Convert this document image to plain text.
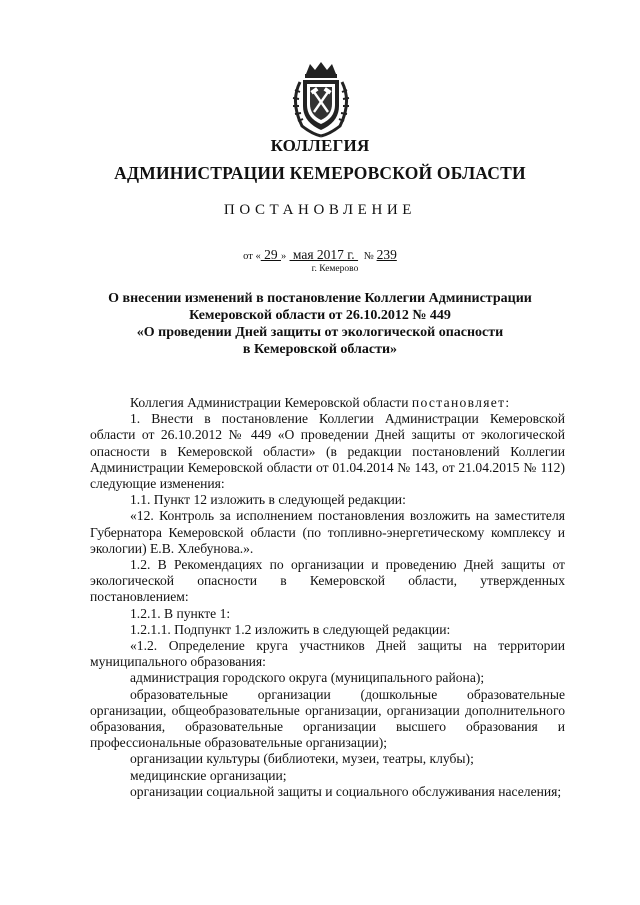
КОЛЛЕГИЯ
АДМИНИСТРАЦИИ КЕМЕРОВСКОЙ ОБЛАСТИ
ПОСТАНОВЛЕНИЕ
от « 29 »  мая 2017 г.   № 239
г. Кемерово
О внесении изменений в постановление Коллегии Администрации
Кемеровской области от 26.10.2012 № 449
«О проведении Дней защиты от экологической опасности
в Кемеровской области»

Коллегия Администрации Кемеровской области постановляет:

1. Внести в постановление Коллегии Администрации Кемеровской области от 26.10.2012 № 449 «О проведении Дней защиты от экологической опасности в Кемеровской области» (в редакции постановлений Коллегии Администрации Кемеровской области от 01.04.2014 № 143, от 21.04.2015 № 112) следующие изменения:

1.1. Пункт 12 изложить в следующей редакции:

«12. Контроль за исполнением постановления возложить на заместителя Губернатора Кемеровской области (по топливно-энергетическому комплексу и экологии) Е.В. Хлебунова.».

1.2. В Рекомендациях по организации и проведению Дней защиты от экологической опасности в Кемеровской области, утвержденных постановлением:

1.2.1. В пункте 1:

1.2.1.1. Подпункт 1.2 изложить в следующей редакции:

«1.2. Определение круга участников Дней защиты на территории муниципального образования:

администрация городского округа (муниципального района);

образовательные организации (дошкольные образовательные организации, общеобразовательные организации, организации дополнительного образования, образовательные организации высшего образования и профессиональные образовательные организации);

организации культуры (библиотеки, музеи, театры, клубы);

медицинские организации;

организации социальной защиты и социального обслуживания населения;
